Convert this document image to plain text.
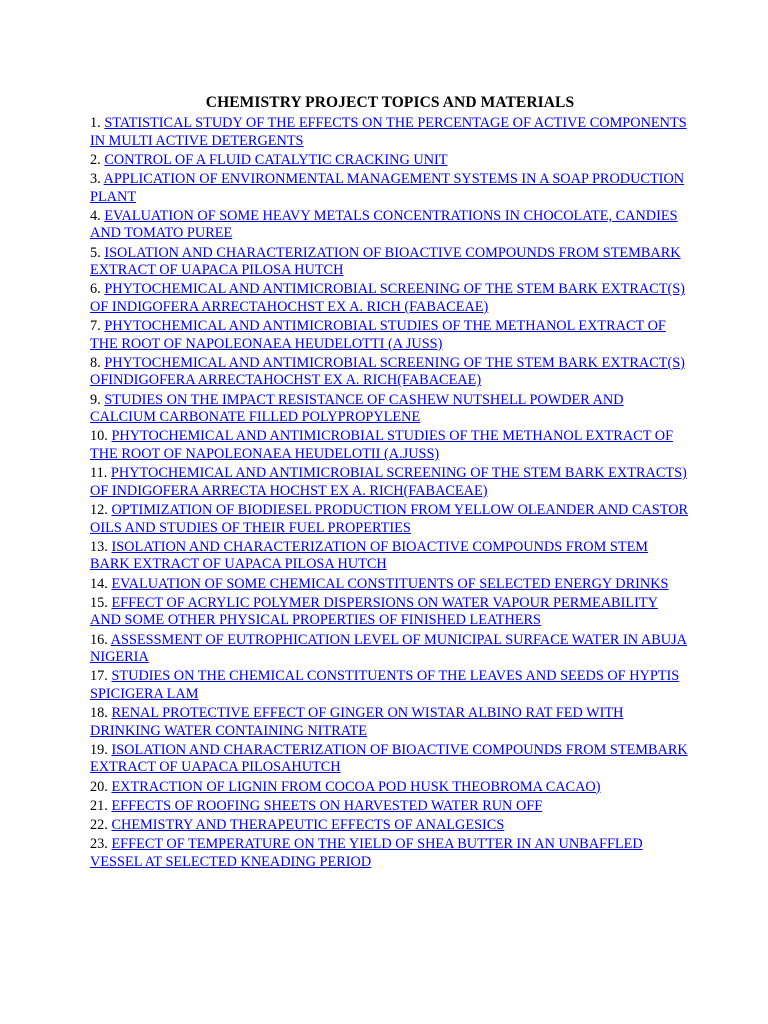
CHEMISTRY PROJECT TOPICS AND MATERIALS
1. STATISTICAL STUDY OF THE EFFECTS ON THE PERCENTAGE OF ACTIVE COMPONENTS IN MULTI ACTIVE DETERGENTS
2. CONTROL OF A FLUID CATALYTIC CRACKING UNIT
3. APPLICATION OF ENVIRONMENTAL MANAGEMENT SYSTEMS IN A SOAP PRODUCTION PLANT
4. EVALUATION OF SOME HEAVY METALS CONCENTRATIONS IN CHOCOLATE, CANDIES AND TOMATO PUREE
5. ISOLATION AND CHARACTERIZATION OF BIOACTIVE COMPOUNDS FROM STEMBARK EXTRACT OF UAPACA PILOSA HUTCH
6. PHYTOCHEMICAL AND ANTIMICROBIAL SCREENING OF THE STEM BARK EXTRACT(S) OF INDIGOFERA ARRECTAHOCHST EX A. RICH (FABACEAE)
7. PHYTOCHEMICAL AND ANTIMICROBIAL STUDIES OF THE METHANOL EXTRACT OF THE ROOT OF NAPOLEONAEA HEUDELOTTI (A JUSS)
8. PHYTOCHEMICAL AND ANTIMICROBIAL SCREENING OF THE STEM BARK EXTRACT(S) OFINDIGOFERA ARRECTAHOCHST EX A. RICH(FABACEAE)
9. STUDIES ON THE IMPACT RESISTANCE OF CASHEW NUTSHELL POWDER AND CALCIUM CARBONATE FILLED POLYPROPYLENE
10. PHYTOCHEMICAL AND ANTIMICROBIAL STUDIES OF THE METHANOL EXTRACT OF THE ROOT OF NAPOLEONAEA HEUDELOTII (A.JUSS)
11. PHYTOCHEMICAL AND ANTIMICROBIAL SCREENING OF THE STEM BARK EXTRACTS) OF INDIGOFERA ARRECTA HOCHST EX A. RICH(FABACEAE)
12. OPTIMIZATION OF BIODIESEL PRODUCTION FROM YELLOW OLEANDER AND CASTOR OILS AND STUDIES OF THEIR FUEL PROPERTIES
13. ISOLATION AND CHARACTERIZATION OF BIOACTIVE COMPOUNDS FROM STEM BARK EXTRACT OF UAPACA PILOSA HUTCH
14. EVALUATION OF SOME CHEMICAL CONSTITUENTS OF SELECTED ENERGY DRINKS
15. EFFECT OF ACRYLIC POLYMER DISPERSIONS ON WATER VAPOUR PERMEABILITY AND SOME OTHER PHYSICAL PROPERTIES OF FINISHED LEATHERS
16. ASSESSMENT OF EUTROPHICATION LEVEL OF MUNICIPAL SURFACE WATER IN ABUJA NIGERIA
17. STUDIES ON THE CHEMICAL CONSTITUENTS OF THE LEAVES AND SEEDS OF HYPTIS SPICIGERA LAM
18. RENAL PROTECTIVE EFFECT OF GINGER ON WISTAR ALBINO RAT FED WITH DRINKING WATER CONTAINING NITRATE
19. ISOLATION AND CHARACTERIZATION OF BIOACTIVE COMPOUNDS FROM STEMBARK EXTRACT OF UAPACA PILOSAHUTCH
20. EXTRACTION OF LIGNIN FROM COCOA POD HUSK THEOBROMA CACAO)
21. EFFECTS OF ROOFING SHEETS ON HARVESTED WATER RUN OFF
22. CHEMISTRY AND THERAPEUTIC EFFECTS OF ANALGESICS
23. EFFECT OF TEMPERATURE ON THE YIELD OF SHEA BUTTER IN AN UNBAFFLED VESSEL AT SELECTED KNEADING PERIOD
